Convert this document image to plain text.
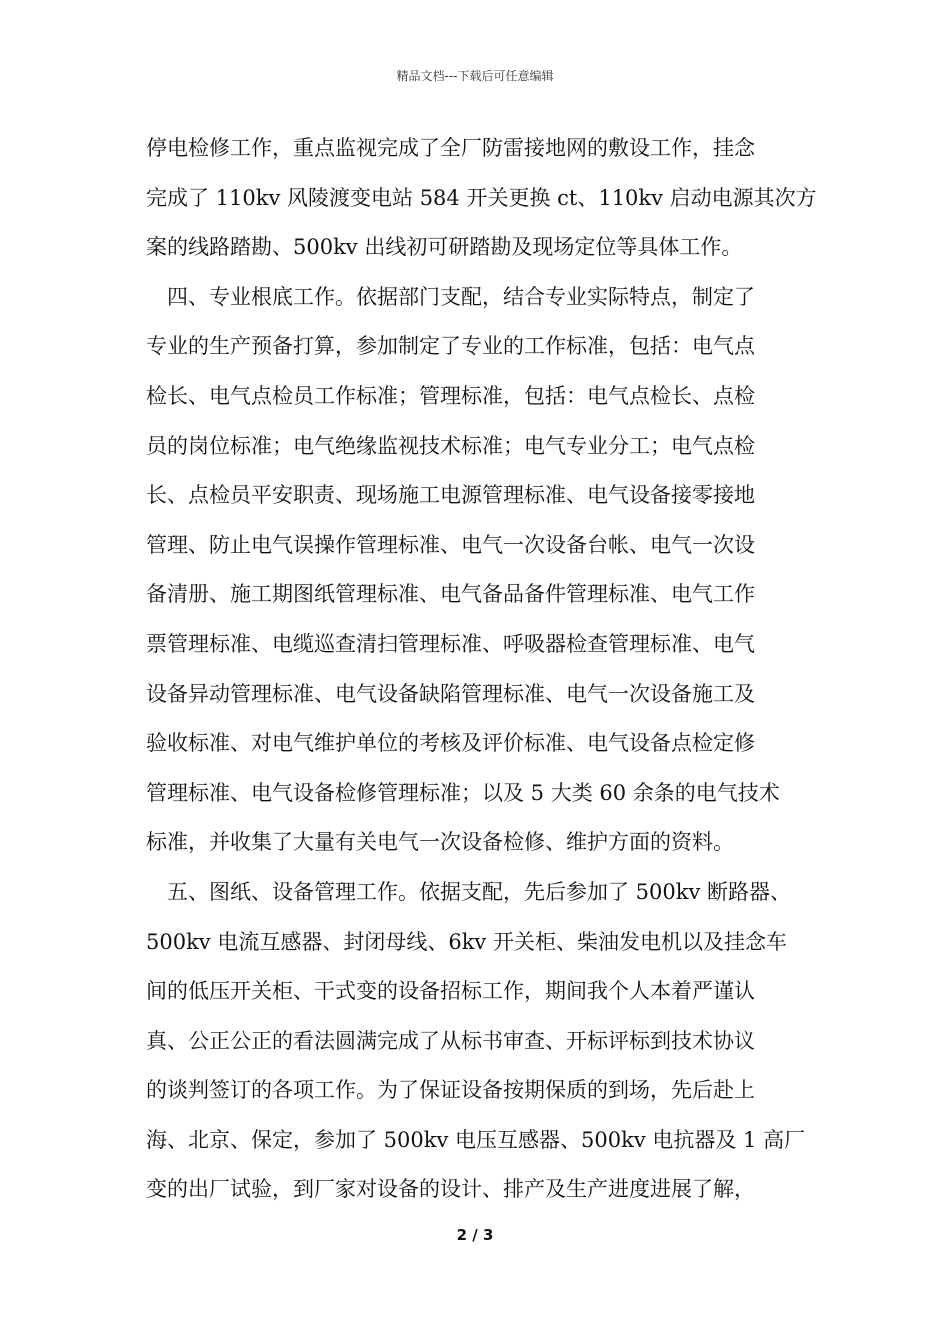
精品文档---下载后可任意编辑
停电检修工作，重点监视完成了全厂防雷接地网的敷设工作，挂念
完成了 110kv 风陵渡变电站 584 开关更换 ct、110kv 启动电源其次方
案的线路踏勘、500kv 出线初可研踏勘及现场定位等具体工作。
四、专业根底工作。依据部门支配，结合专业实际特点，制定了
专业的生产预备打算，参加制定了专业的工作标准，包括：电气点
检长、电气点检员工作标准；管理标准，包括：电气点检长、点检
员的岗位标准；电气绝缘监视技术标准；电气专业分工；电气点检
长、点检员平安职责、现场施工电源管理标准、电气设备接零接地
管理、防止电气误操作管理标准、电气一次设备台帐、电气一次设
备清册、施工期图纸管理标准、电气备品备件管理标准、电气工作
票管理标准、电缆巡查清扫管理标准、呼吸器检查管理标准、电气
设备异动管理标准、电气设备缺陷管理标准、电气一次设备施工及
验收标准、对电气维护单位的考核及评价标准、电气设备点检定修
管理标准、电气设备检修管理标准；以及 5 大类 60 余条的电气技术
标准，并收集了大量有关电气一次设备检修、维护方面的资料。
五、图纸、设备管理工作。依据支配，先后参加了 500kv 断路器、
500kv 电流互感器、封闭母线、6kv 开关柜、柴油发电机以及挂念车
间的低压开关柜、干式变的设备招标工作，期间我个人本着严谨认
真、公正公正的看法圆满完成了从标书审查、开标评标到技术协议
的谈判签订的各项工作。为了保证设备按期保质的到场，先后赴上
海、北京、保定，参加了 500kv 电压互感器、500kv 电抗器及 1 高厂
变的出厂试验，到厂家对设备的设计、排产及生产进度进展了解，
2 / 3
